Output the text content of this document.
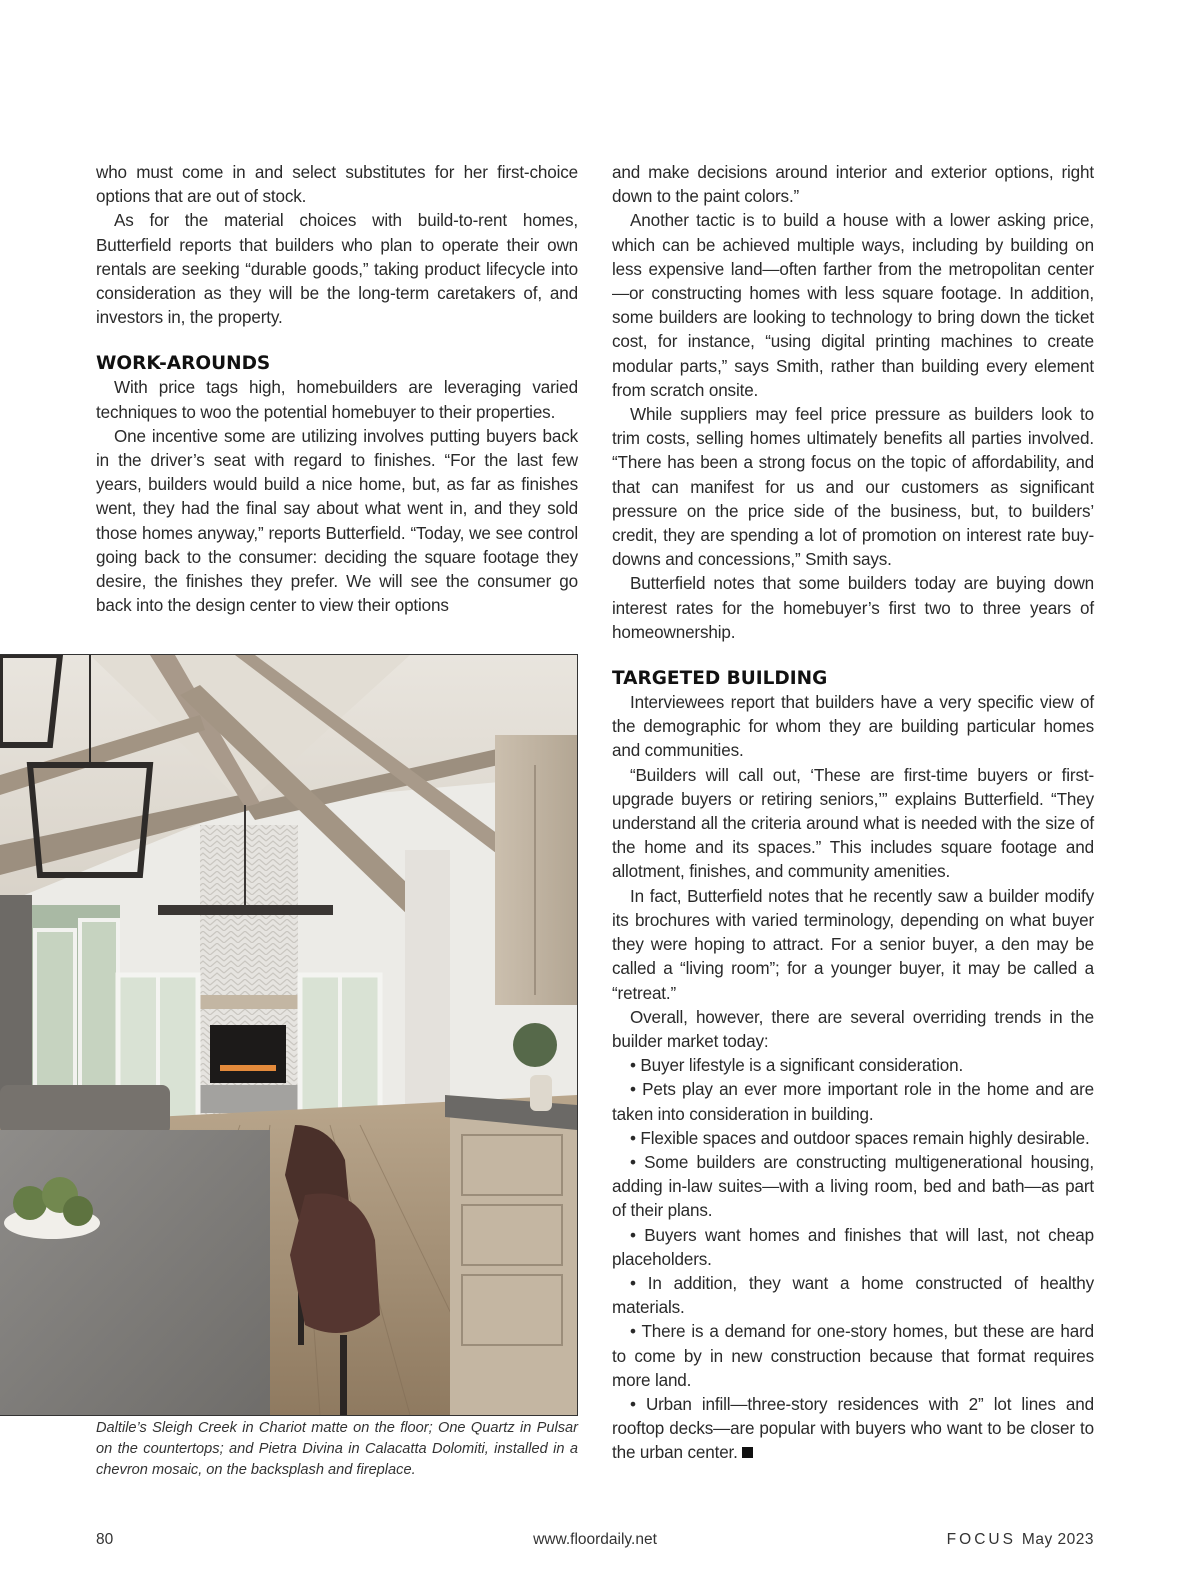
who must come in and select substitutes for her first-choice options that are out of stock.

As for the material choices with build-to-rent homes, Butterfield reports that builders who plan to operate their own rentals are seeking “durable goods,” taking product lifecycle into consideration as they will be the long-term caretakers of, and investors in, the property.

WORK-AROUNDS

With price tags high, homebuilders are leveraging varied techniques to woo the potential homebuyer to their properties.

One incentive some are utilizing involves putting buyers back in the driver’s seat with regard to finishes. “For the last few years, builders would build a nice home, but, as far as finishes went, they had the final say about what went in, and they sold those homes anyway,” reports Butterfield. “Today, we see control going back to the consumer: deciding the square footage they desire, the finishes they prefer. We will see the consumer go back into the design center to view their options

and make decisions around interior and exterior options, right down to the paint colors.”

Another tactic is to build a house with a lower asking price, which can be achieved multiple ways, including by building on less expensive land—often farther from the metropolitan center—or constructing homes with less square footage. In addition, some builders are looking to technology to bring down the ticket cost, for instance, “using digital printing machines to create modular parts,” says Smith, rather than building every element from scratch onsite.

While suppliers may feel price pressure as builders look to trim costs, selling homes ultimately benefits all parties involved. “There has been a strong focus on the topic of affordability, and that can manifest for us and our customers as significant pressure on the price side of the business, but, to builders’ credit, they are spending a lot of promotion on interest rate buy-downs and concessions,” Smith says.

Butterfield notes that some builders today are buying down interest rates for the homebuyer’s first two to three years of homeownership.

TARGETED BUILDING

Interviewees report that builders have a very specific view of the demographic for whom they are building particular homes and communities.

“Builders will call out, ‘These are first-time buyers or first-upgrade buyers or retiring seniors,’” explains Butterfield. “They understand all the criteria around what is needed with the size of the home and its spaces.” This includes square footage and allotment, finishes, and community amenities.

In fact, Butterfield notes that he recently saw a builder modify its brochures with varied terminology, depending on what buyer they were hoping to attract. For a senior buyer, a den may be called a “living room”; for a younger buyer, it may be called a “retreat.”

Overall, however, there are several overriding trends in the builder market today:

• Buyer lifestyle is a significant consideration.
• Pets play an ever more important role in the home and are taken into consideration in building.
• Flexible spaces and outdoor spaces remain highly desirable.
• Some builders are constructing multigenerational housing, adding in-law suites—with a living room, bed and bath—as part of their plans.
• Buyers want homes and finishes that will last, not cheap placeholders.
• In addition, they want a home constructed of healthy materials.
• There is a demand for one-story homes, but these are hard to come by in new construction because that format requires more land.
• Urban infill—three-story residences with 2” lot lines and rooftop decks—are popular with buyers who want to be closer to the urban center.

Daltile’s Sleigh Creek in Chariot matte on the floor; One Quartz in Pulsar on the countertops; and Pietra Divina in Calacatta Dolomiti, installed in a chevron mosaic, on the backsplash and fireplace.

80	www.floordaily.net	FOCUS May 2023
